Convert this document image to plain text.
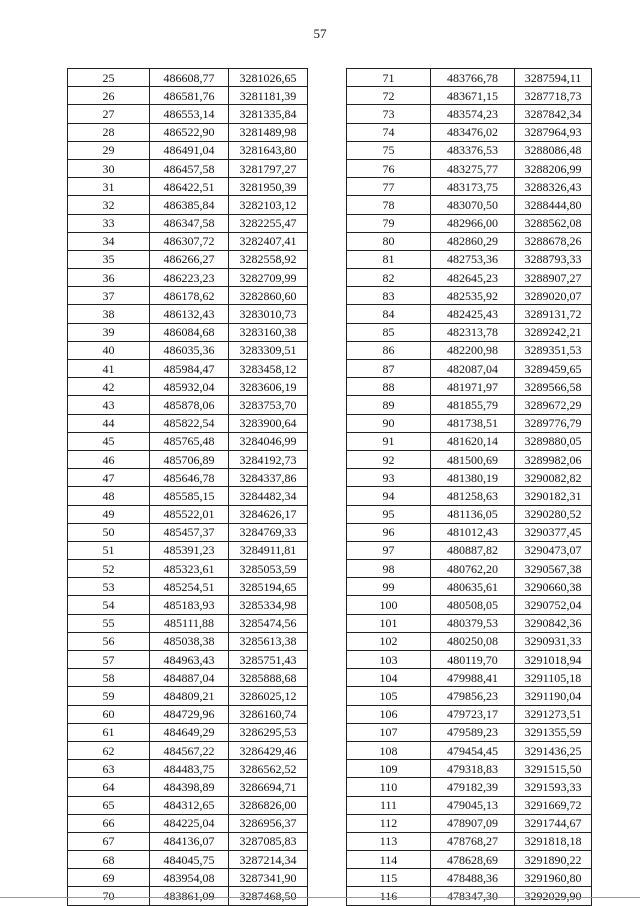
57
25	486608,77	3281026,65
26	486581,76	3281181,39
27	486553,14	3281335,84
28	486522,90	3281489,98
29	486491,04	3281643,80
30	486457,58	3281797,27
31	486422,51	3281950,39
32	486385,84	3282103,12
33	486347,58	3282255,47
34	486307,72	3282407,41
35	486266,27	3282558,92
36	486223,23	3282709,99
37	486178,62	3282860,60
38	486132,43	3283010,73
39	486084,68	3283160,38
40	486035,36	3283309,51
41	485984,47	3283458,12
42	485932,04	3283606,19
43	485878,06	3283753,70
44	485822,54	3283900,64
45	485765,48	3284046,99
46	485706,89	3284192,73
47	485646,78	3284337,86
48	485585,15	3284482,34
49	485522,01	3284626,17
50	485457,37	3284769,33
51	485391,23	3284911,81
52	485323,61	3285053,59
53	485254,51	3285194,65
54	485183,93	3285334,98
55	485111,88	3285474,56
56	485038,38	3285613,38
57	484963,43	3285751,43
58	484887,04	3285888,68
59	484809,21	3286025,12
60	484729,96	3286160,74
61	484649,29	3286295,53
62	484567,22	3286429,46
63	484483,75	3286562,52
64	484398,89	3286694,71
65	484312,65	3286826,00
66	484225,04	3286956,37
67	484136,07	3287085,83
68	484045,75	3287214,34
69	483954,08	3287341,90
70	483861,09	3287468,50
71	483766,78	3287594,11
72	483671,15	3287718,73
73	483574,23	3287842,34
74	483476,02	3287964,93
75	483376,53	3288086,48
76	483275,77	3288206,99
77	483173,75	3288326,43
78	483070,50	3288444,80
79	482966,00	3288562,08
80	482860,29	3288678,26
81	482753,36	3288793,33
82	482645,23	3288907,27
83	482535,92	3289020,07
84	482425,43	3289131,72
85	482313,78	3289242,21
86	482200,98	3289351,53
87	482087,04	3289459,65
88	481971,97	3289566,58
89	481855,79	3289672,29
90	481738,51	3289776,79
91	481620,14	3289880,05
92	481500,69	3289982,06
93	481380,19	3290082,82
94	481258,63	3290182,31
95	481136,05	3290280,52
96	481012,43	3290377,45
97	480887,82	3290473,07
98	480762,20	3290567,38
99	480635,61	3290660,38
100	480508,05	3290752,04
101	480379,53	3290842,36
102	480250,08	3290931,33
103	480119,70	3291018,94
104	479988,41	3291105,18
105	479856,23	3291190,04
106	479723,17	3291273,51
107	479589,23	3291355,59
108	479454,45	3291436,25
109	479318,83	3291515,50
110	479182,39	3291593,33
111	479045,13	3291669,72
112	478907,09	3291744,67
113	478768,27	3291818,18
114	478628,69	3291890,22
115	478488,36	3291960,80
116	478347,30	3292029,90
